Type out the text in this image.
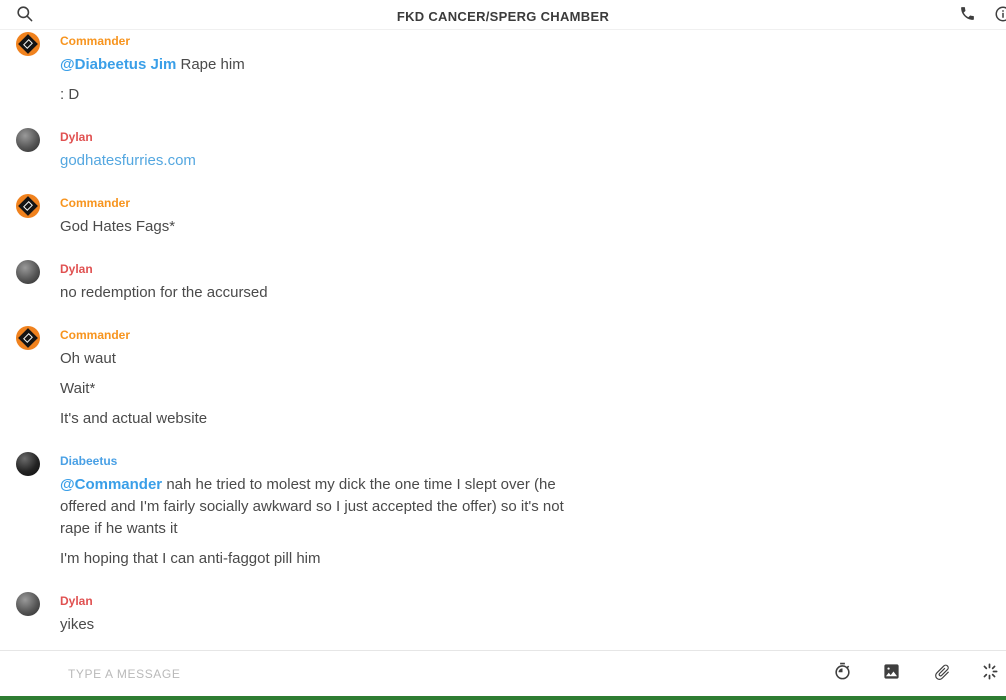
FKD CANCER/SPERG CHAMBER
Commander
@Diabeetus Jim Rape him
: D
Dylan
godhatesfurries.com
Commander
God Hates Fags*
Dylan
no redemption for the accursed
Commander
Oh waut
Wait*
It's and actual website
Diabeetus
@Commander nah he tried to molest my dick the one time I slept over (he offered and I'm fairly socially awkward so I just accepted the offer) so it's not rape if he wants it
I'm hoping that I can anti-faggot pill him
Dylan
yikes
TYPE A MESSAGE
